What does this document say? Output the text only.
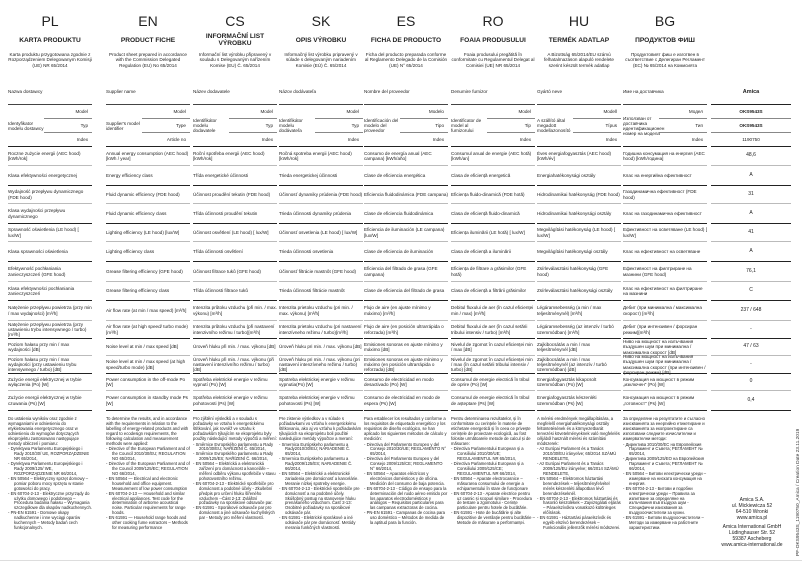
PL
KARTA PRODUKTU
Karta produktu przygotowana zgodnie z Rozporządzeniem Delegowanym Komisji (UE) NR 65/2014
Nazwa dostawcy
Identyfikator modelu dostawcy
Model
Typ
Index
Roczne zużycie energii (AEC hood) [kWh/rok]
Klasa efektywności energetycznej
Wydajność przepływu dynamicznego (FDE hood)
Klasa wydajności przepływu dynamicznego
Sprawność oświetlenia (LE hood) [ lux/W]
Klasa sprawności oświetlenia
Efektywność pochłaniania zanieczyszczeń (GFE hood)
Klasa efektywności pochłaniania zanieczyszczeń
Natężenie przepływu powietrza (przy min / max wydajności) [m³/h]
Natężenie przepływu powietrza (przy ustawieniu trybu intensywnego / turbo) [m³/h]
Poziom hałasu przy min / max wydajności [dB]
Poziom hałasu przy min / max wydajności (przy ustawieniu trybu intensywnego / turbo) [dB]
Zużycie energii elektrycznej w trybie wyłączenia (Po) [W]
Zużycie energii elektrycznej w trybie czuwania (Ps) [W]
Do ustalenia wyników oraz zgodnie z wymaganiami w odniesieniu do etykietowania energetycznego oraz w odniesieniu do wymogów dotyczących ekoprojektu zastosowano następujące metody obliczeń i pomiaru:
- Dyrektywa Parlamentu Europejskiego i Rady 2010/30/ UE, ROZPORZĄDZENIE NR 65/2014,
- Dyrektywa Parlamentu Europejskiego i Rady 2009/125/ WE, ROZPORZĄDZENIE NR 66/2014,
- EN 50564 – Elektryczny sprzęt domowy – pomiar poboru mocy sprzętu w stanie gotowości do pracy.
- EN 60704-2-13 - Elektryczne przyrządy do użytku domowego i podobnego – Procedura badania hałasu – Wymagania szczegółowe dla okapów nadkuchennych.
- PN-EN 61591 - Domowe okapy nadkuchenne i inne wyciągi oparów kuchennych – Metody badań cech funkcjonalnych.
EN
PRODUCT FICHE
Product sheet prepared in accordance with the Commission Delegated Regulation (EU) No 65/2014
Supplier name
Supplier's model identifier
Model
Type
Article no
Annual energy consumption (AEC hood) [kWh / year]
Energy efficiency class
Fluid dynamic efficiency (FDE hood)
Fluid dynamic efficiency class
Lighting efficiency (LE hood) [lux/W]
Lighting efficiency class
Grease filtering efficiency (GFE hood)
Grease filtering efficiency class
Air flow rate (at min / max speed) [m³/h]
Air flow rate (at high speed/ turbo mode) [m³/h]
Noise level at min / max speed [dB]
Noise level at min / max speed (at high speed/turbo mode) [dB]
Power consumption in the off-mode Po [W]
Power consumption in standby mode Ps [W]
To determine the results, and in accordance with the requirements in relation to the labelling of energy-related products and with regard to ecodesign requirements, the following calculation and measurement methods were applied:
- Directive of the European Parliament and of the Council 2010/30/EU; REGULATION NO 65/2014,
- Directive of the European Parliament and of the Council 2009/125/EC; REGULATION NO 66/2014,
- EN 50564 — Electrical and electronic household and office equipment. Measurement of low power consumption
- EN 60704-2-13 — Household and similar electrical appliances. Test code for the determination of airborne acoustical noise. Particular requirements for range hoods.
- EN 61591 — Household range hoods and other cooking fume extractors – Methods for measuring performance
CS
INFORMAČNÍ LIST VÝROBKU
Informační list výrobku připravený v souladu s Delegovaným nařízením Komise (EU) Č. 65/2014
Název dodavatele
Identifikátor modelu dodavatele
Model
Typ
Index
Roční spotřeba energii (AEC hood) [kWh/rok]
Třída energetické účinnosti
Účinnost proudění tekutin (FDE hood)
Třída účinnosti proudění tekutin
Účinnost osvětlení (LE hood) [ lux/W]
Třída účinnosti osvětlení
Účinnost filtrace tuků (GFE hood)
Třída účinnosti filtrace tuků
Intenzita průtoku vzduchu (při min. / max. výkonu) [m³/h]
Intenzita průtoku vzduchu (při nastavení intenzivního režimu / turbo)[m³/h]
Úroveň hluku při min. / max. výkonu [dB]
Úroveň hluku při min. / max. výkonu (při nastavení intenzivního režimu / turbo) [dB]
Spotřeba elektrické energie v režimu vypnutí (Po) [W]
Spotřeba elektrické energie v režimu pohotovosti (Ps) [W]
Pro zjištění výsledků a v souladu s požadavky ve vztahu k energetickému štítkování, jak rovněž ve vztahu k požadavkům týkajícím se ekoprojektu byly použity následující metody výpočtů a měření:
- Směrnice Evropského parlamentu a Rady 2010/30/EU; NAŘÍZENÍ Č. 65/2014,
- Směrnice Evropského parlamentu a Rady 2009/125/ES; NAŘÍZENÍ Č. 66/2014,
- EN 50564 – Elektrická a elektronická zařízení pro domácnost a kanceláře – měření odběru výkonu spotřebiče v stavu pohotovostního režimu.
- EN 60704-2-13 - Elektrické spotřebiče pro domácnost a podobné účely - Zkušební předpis pro určení hluku šířeného vzduchem --Část 2-13: Zvláštní požadavky na sporákové odsavače par.
- EN 61591 - Sporákové odsavače par pro domácnost a jiné odsavače kuchyňských par - Metody pro měření vlastností.
SK
OPIS VÝROBKU
Informačný list výrobku pripravený v súlade s delegovaným nariadením Komisie (EÚ) Č. 65/2014
Názov dodávateľa
Identifikátor modelu dodávateľa
Model
Typ
Index
Ročná spotreba energii (AEC hood) [kWh/rok]
Trieda energetickej účinnosti
Účinnosť dynamiky prúdenia (FDE hood)
Trieda účinnosti dynamiky prúdenia
Účinnosť osvetlenia (LE hood) [ lux/W]
Trieda účinnosti osvetlenia
Účinnosť filtrácie mastnôt (GFE hood)
Trieda účinnosti filtrácie mastnôt
Intenzita prietoku vzduchu (pri min. / max. výkonu) [m³/h]
Intenzita prietoku vzduchu (pri nastavení intenzívneho režimu / turbo)[m³/h]
Úroveň hluku pri min. / max. výkonu [dB]
Úroveň hluku pri min. / max. výkonu (pri nastavení intenzívneho režimu / turbo) [dB]
Spotreba elektrickej energie v režimu vypnutia(Po) [W]
Spotreba elektrickej energie v režimu pohotovosti (Ps) [W]
Pre zistenie výsledkov a v súlade s požiadavkami vo vzťahu k energetickému štítkovaniu, ako aj vo vzťahu k požiadavkám týkajúcich sa ekoprojektu boli použité nasledujúce metódy výpočtov a meraní:
- Smernica Európskeho parlamentu a Rady2010/30/EÚ; NARIADENIE Č. 65/2014,
- Smernica Európskeho parlamentu a Rady2009/125/ES; NARIADENIE Č. 66/2014,
- EN 50564 – Elektrické a elektronické zariadenia pre domácnosť a kancelárie. Meranie nízkej spotreby energie.
- EN 60704-2-13 - Elektrické spotrebiče pre domácnosť a na podobné účely. Skúšobný postup na stanovenie hluku prenášaného vzduchom. Časť 2-13: Osobitné požiadavky na sporákové odsávače pár.
- EN 61591 - Elektrické sporákové a iné odsávače pár pre domácnosť. Metódy merania funkčných vlastností.
ES
FICHA DE PRODUCTO
Ficha del producto preparada conforme al Reglamento Delegado de la Comisión (UE) N° 65/2014
Nombre del proveedor
Identificación del modelo del proveedor
Modelo
Tipo
Index
Consumo de energía anual (AEC campana) [kWh/año]
Clase de eficiencia energética
Eficiencia fluidodinámica (FDE campana)
Clase de eficiencia fluidodinámica
Eficiencia de iluminación (LE campana) [lux/W]
Clase de eficiencia de iluminación
Eficiencia del filtrado de grasa (GFE campana)
Clase de eficiencia del filtrado de grasa
Flujo de aire (en ajuste mínimo y máximo) [m³/h]
Flujo de aire (en posición ultrarrápida o reforzada) [m³/h]
Emisiones sonoras en ajuste mínimo y máximo [dB]
Emisiones sonoras en ajuste mínimo y máximo (en posición ultrarrápida o reforzada) [dB]
Consumo de electricidad en modo desactivado (Po) [W]
Consumo de electricidad en modo de espera (Ps) [W]
Para establecer los resultados y conforme a los requisitos de etiquetado energético y los requisitos de diseño ecológico, se han aplicado los siguientes métodos de cálculo y medición:
- Directiva del Parlamento Europeo y del Consejo 2010/30/UE; REGLAMENTO N° 65/2014,
- Directiva del Parlamento Europeo y del Consejo 2009/125/CE; REGLAMENTO N° 66/2014,
- EN 50564 – Aparatos eléctricos y electrónicos domésticos y de oficina. Medición del consumo de baja potencia.
- EN 60704-2-13 - Código de ensayo para la determinación del ruido aéreo emitido por los aparatos electrodomésticos y análogos – Requisitos particulares para las campanas extractoras de cocina.
- PN-EN 61591 - Campanas de cocina para uso doméstico – Métodos de medida de la aptitud para la función.
RO
FOAIA PRODUSULUI
Foaia produsului pregătită în conformitate cu Regulamentul Delegat al Comisiei (UE) NR 65/2014
Denumire furnizor
Identificator de model al furnizorului
Model
Tip
Index
Consumul anual de energie (AEC hotă) [kWh/an]
Clasa de eficiență energetică
Eficiența fluido-dinamică (FDE hotă)
Clasa de eficiență fluido-dinamică
Eficiența iluminării (LE hotă) [ lux/W]
Clasa de eficiență a iluminării
Eficiența de filtrare a grăsimilor (GFE hotă)
Clasa de eficiență a filtrării grăsimilor
Debitul fluxului de aer (în cazul eficienței min / max) [m³/h]
Debitul fluxului de aer (în cazul setării tribului intensiv / turbo) [m³/h]
Nivelul de zgomot în cazul eficienței min / max [dB]
Nivelul de zgomot în cazul eficienței min / max (în cazul setării tribului intensiv / turbo) [dB]
Consumul de energie electrică în tribul de oprire (Po) [W]
Consumul de energie electrică în tribul de așteptare (Ps) [W]
Pentru determinarea rezultatelor, și în conformitate cu cerințele în materie de etichetare energetică și în ceea ce privește cerințele de proiectare ecologică, au fost folosite următoarele metode de calcul și de măsurare:
- Directiva Parlamentului European și a Consiliului 2010/30/UE; REGULAMENTUL NR 65/2014,
- Directiva Parlamentului European și a Consiliului 2009/125/CE; REGULAMENTUL NR 66/2014,
- EN 50564 – Aparate electrocasnice – măsurarea consumului de energie a echipamentului în stare de funcționare
- EN 60704-2-13 - Aparate electrice pentru uz casnic și scopuri similare - Procedura de testare a zgomotului - Cerințe particulare pentru hotele de bucătărie.
- EN 61591 - Hote de bucătărie și alte dispozitive de ventilație pentru bucătărie – Metode de măsurare a performanței.
HU
TERMÉK ADATLAP
A Bizottság 65/2014/EU számú felhatalmazáson alapuló rendelete szerint készült termék adatlap
Gyártó neve
A szállító által megadott modellazonosító
Modell
Típus
Index
Éves energiafogyasztás (AEC hood) [kWh/év]
Energiahatékonysági osztály
Hidrodinamikai hatékonyság (FDE hood)
Hidrodinamikai hatékonysági osztály
Megvilágítási hatékonyság (LE hood) [ lux/W]
Megvilágítási hatékonysági osztály
Zsírleválasztási hatékonyság (GFE hood)
Zsírleválasztási hatékonysági osztály
Légáramsebesség (a min / max teljesítménynél) [m³/h]
Légáramsebesség (az intenzív / turbó üzemmódban) [m³/h]
Zajkibocsátás a min / max teljesítménynél [dB]
Zajkibocsátás a min / max teljesítménynél (az intenzív / turbó üzemmódban) [dB]
Energiafogyasztás kikapcsolt üzemmódban (Po) [W]
Energiafogyasztás készenléti üzemmódban (Ps) [W]
A mérési eredmények megállapítására, a megfelelő energiahatékonysági osztály feltüntetésének és a környezetbarát tervezési követelményeknek való megfelelés céljából használt mérési és számítási módszerek:
- Az Európai Parlament és a Tanács 2010/30/EU irányelve; 65/2014 SZÁMÚ RENDELETE,
- Az Európai Parlament és a Tanács 2009/125/EU irányelve; 66/2014 SZÁMÚ RENDELETE,
- EN 50564 – Elektromos háztartási berendezések – teljesítményfelvétel mérés készenléti állapotban lévő berendezéseknél.
- EN 60704-2-13 - Elektromos háztartási és hasonló készülékek – Zajvizsgálati eljárás – Páraelszívókra vonatkozó különleges előírások.
- EN 61591 - Háztartási páraelszívók és egyéb elszívó berendezések – Funkcionális jellemzők mérési módszerei.
BG
ПРОДУКТОВ ФИШ
Продуктовият фиш е изготвен в съответствие с Делегиран Регламент (ЕС) № 65/2014 на Комисията
Име на доставчика
Използван от доставчика идентификационен номер на модела
Модел
Тип
Index
Годишна консумация на енергия (AEC hood) [kWh/година]
Клас на енергийна ефективност
Газодинамична ефективност (FDE hood)
Клас на газодинамична ефективност
Ефективност на осветяване (LE hood) [ lux/W]
Клас на ефективност на осветяване
Ефективност на филтриране на мазнини (GFE hood)
Клас на ефективност на филтриране на мазнини
Дебит (при минимална / максимална скорост) [m³/h]
Дебит (при интензивен / форсиран режим)[m³/h]
Ниво на мощност на излъчвания въздушен шум при минимална / максимална скорост [dB]
Ниво на мощност на излъчвания въздушен шум при минимална / максимална скорост (при интензивен / форсиран режим) [dB]
Консумация на мощност в режим „изключен" (Po) [W]
Консумация на мощност в режим „готовност" (Ps) [W]
За определяне на резултатите и съгласно изискванията за енергийно етикетиране и изискванията за екопроектиране са използвани следните изчислителни и измервателни методи:
- Директива 2010/30/ЕС на Европейския Парламент и Съвета; РЕГЛАМЕНТ № 65/2014,
- Директива 2009/125/ЕО на Европейския Парламент и Съвета; РЕГЛАМЕНТ № 66/2014,
- EN 50564 – Битови електрически уреди – измерване на ниската консумация на енергия.
- EN 60704-2-13 - Битови и подобни електрически уреди – Правила за изпитване за определяне на излъчвания във въздуха шум - Специфични изисквания за въздухоочистители за кухни.
- EN 61591 - Битови въздухоочистители – Методи за измерване на работните характеристики.
Amica
OKS9543S
OKS9543S
1190750
48,6
A
31
A
41
A
76,1
C
237 / 648
-
47 / 63
-
0
0,4
Amica S.A.
ul. Mickiewicza 52
64-510 Wronki
www.amica.pl
Amica International GmbH
Lüdinghauser Str. 52
59387 Ascheberg
www.amica-international.de	PF-OKS9543S_1190750_Amica / Creation Date 23.11.2019
